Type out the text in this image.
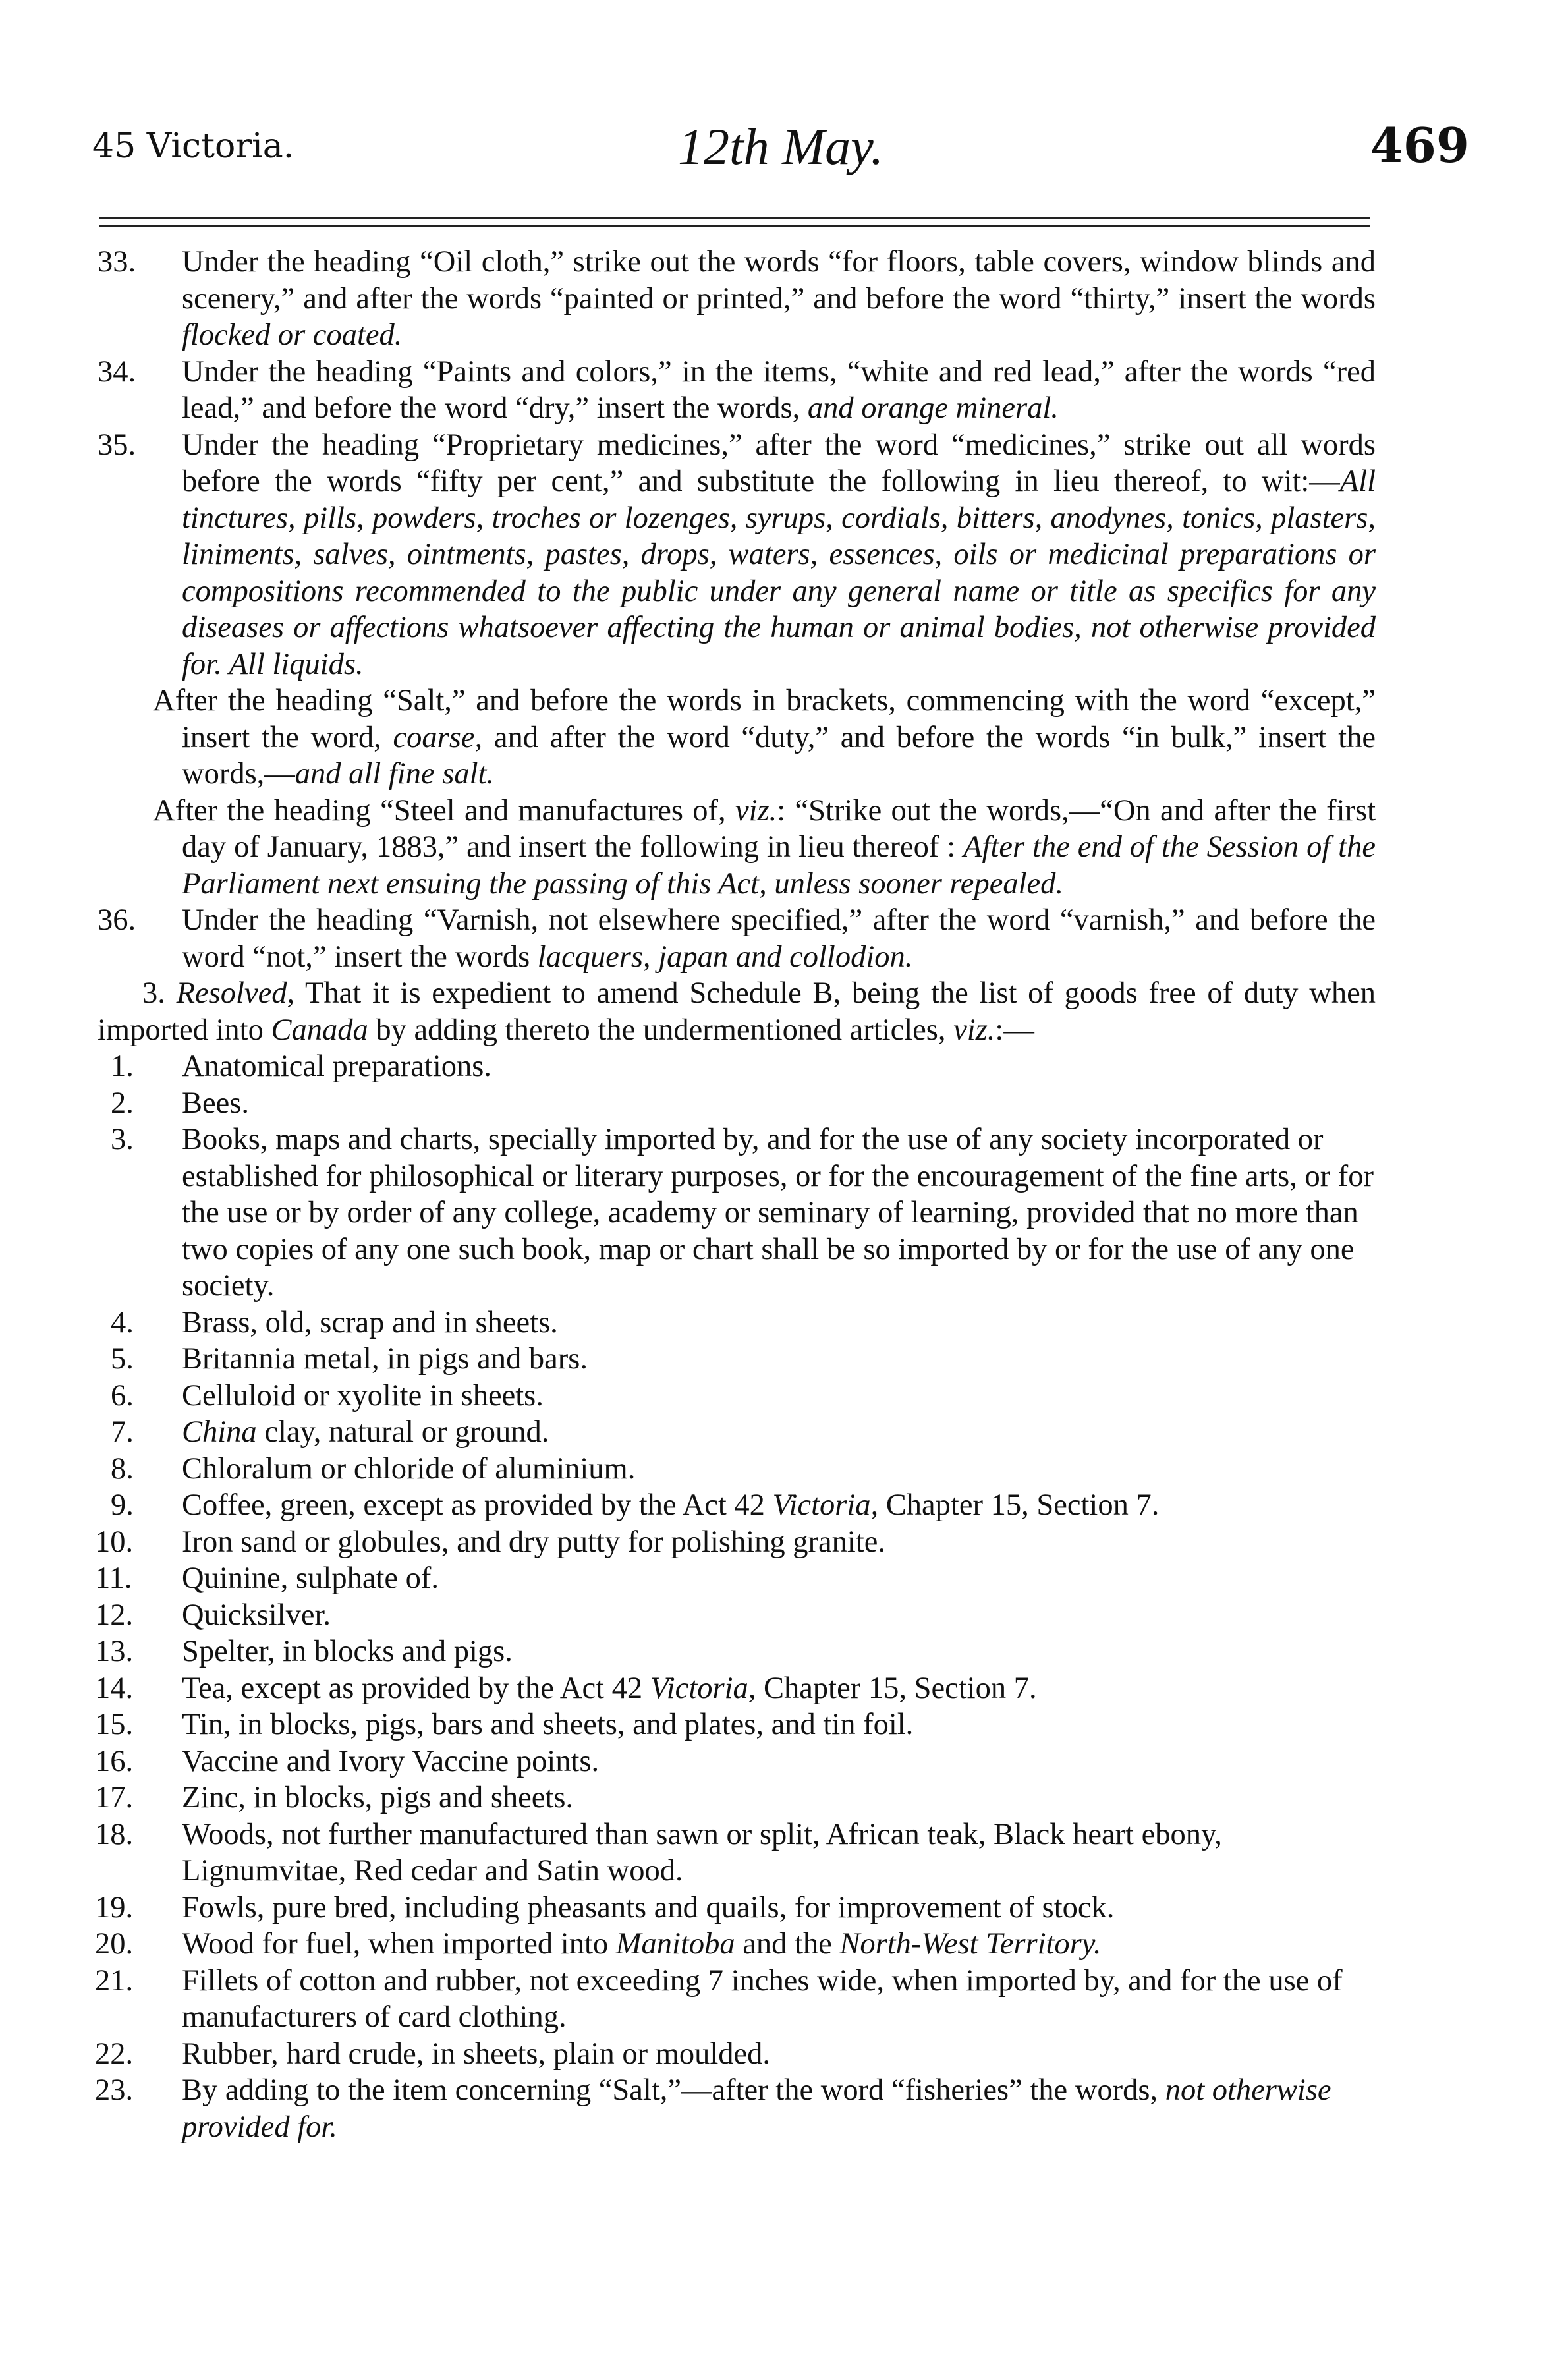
45 Victoria.	12th May.	469
33. Under the heading “Oil cloth,” strike out the words “for floors, table covers, window blinds and scenery,” and after the words “painted or printed,” and before the word “thirty,” insert the words flocked or coated.
34. Under the heading “Paints and colors,” in the items, “white and red lead,” after the words “red lead,” and before the word “dry,” insert the words, and orange mineral.
35. Under the heading “Proprietary medicines,” after the word “medicines,” strike out all words before the words “fifty per cent,” and substitute the following in lieu thereof, to wit:—All tinctures, pills, powders, troches or lozenges, syrups, cordials, bitters, anodynes, tonics, plasters, liniments, salves, ointments, pastes, drops, waters, essences, oils or medicinal preparations or compositions recommended to the public under any general name or title as specifics for any diseases or affections whatsoever affecting the human or animal bodies, not otherwise provided for. All liquids.
After the heading “Salt,” and before the words in brackets, commencing with the word “except,” insert the word, coarse, and after the word “duty,” and before the words “in bulk,” insert the words,—and all fine salt.
After the heading “Steel and manufactures of, viz.: “Strike out the words,—“On and after the first day of January, 1883,” and insert the following in lieu thereof : After the end of the Session of the Parliament next ensuing the passing of this Act, unless sooner repealed.
36. Under the heading “Varnish, not elsewhere specified,” after the word “varnish,” and before the word “not,” insert the words lacquers, japan and collodion.
3. Resolved, That it is expedient to amend Schedule B, being the list of goods free of duty when imported into Canada by adding thereto the undermentioned articles, viz.:—
1. Anatomical preparations.
2. Bees.
3. Books, maps and charts, specially imported by, and for the use of any society incorporated or established for philosophical or literary purposes, or for the encouragement of the fine arts, or for the use or by order of any college, academy or seminary of learning, provided that no more than two copies of any one such book, map or chart shall be so imported by or for the use of any one society.
4. Brass, old, scrap and in sheets.
5. Britannia metal, in pigs and bars.
6. Celluloid or xyolite in sheets.
7. China clay, natural or ground.
8. Chloralum or chloride of aluminium.
9. Coffee, green, except as provided by the Act 42 Victoria, Chapter 15, Section 7.
10. Iron sand or globules, and dry putty for polishing granite.
11. Quinine, sulphate of.
12. Quicksilver.
13. Spelter, in blocks and pigs.
14. Tea, except as provided by the Act 42 Victoria, Chapter 15, Section 7.
15. Tin, in blocks, pigs, bars and sheets, and plates, and tin foil.
16. Vaccine and Ivory Vaccine points.
17. Zinc, in blocks, pigs and sheets.
18. Woods, not further manufactured than sawn or split, African teak, Black heart ebony, Lignumvitae, Red cedar and Satin wood.
19. Fowls, pure bred, including pheasants and quails, for improvement of stock.
20. Wood for fuel, when imported into Manitoba and the North-West Territory.
21. Fillets of cotton and rubber, not exceeding 7 inches wide, when imported by, and for the use of manufacturers of card clothing.
22. Rubber, hard crude, in sheets, plain or moulded.
23. By adding to the item concerning “Salt,”—after the word “fisheries” the words, not otherwise provided for.
